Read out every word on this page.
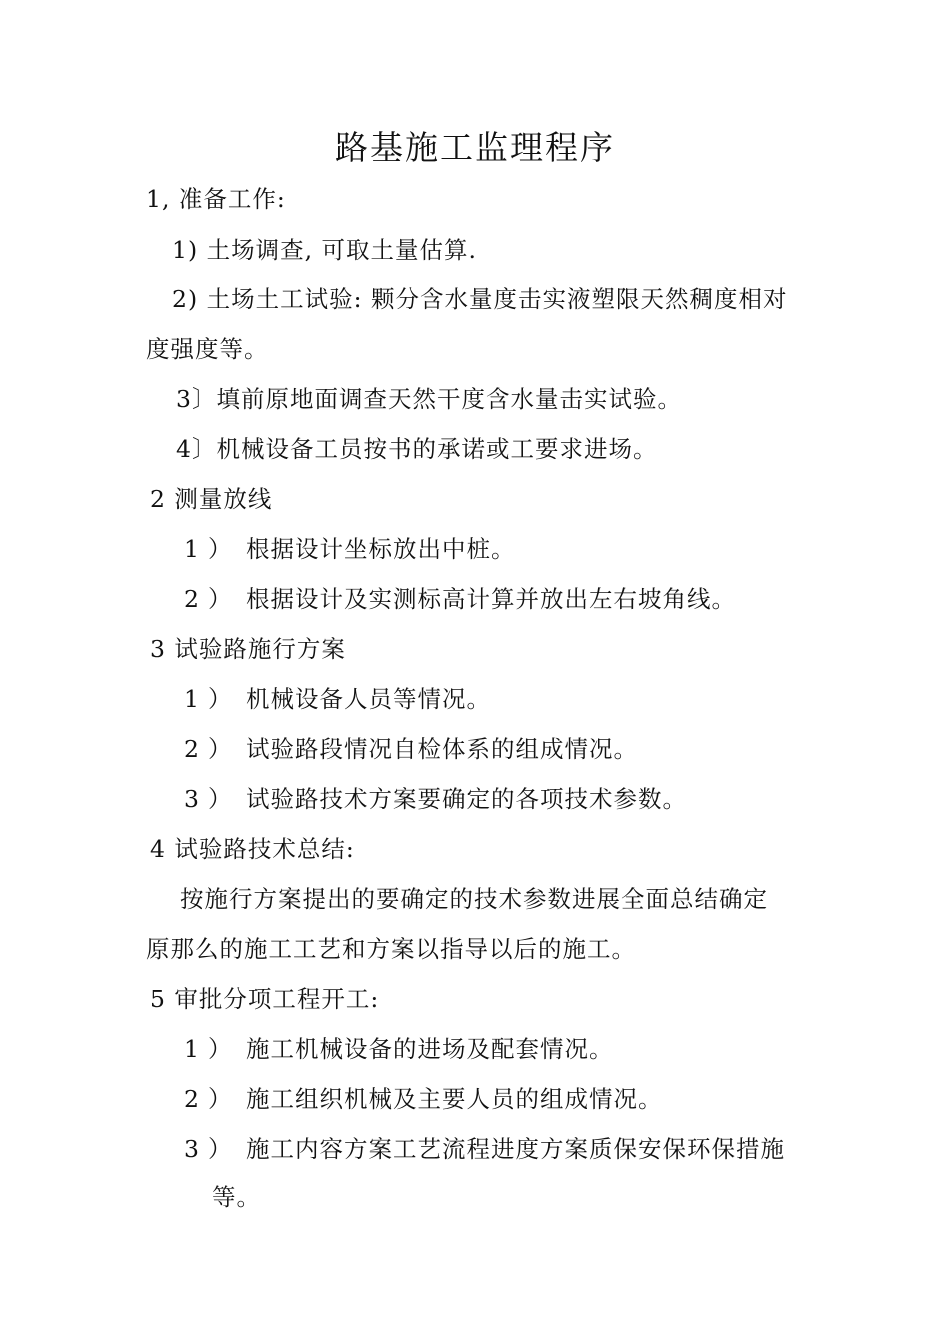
路基施工监理程序
1, 准备工作:
1) 土场调查, 可取土量估算.
2) 土场土工试验: 颗分含水量度击实液塑限天然稠度相对
度强度等。
3〕填前原地面调查天然干度含水量击实试验。
4〕机械设备工员按书的承诺或工要求进场。
2 测量放线
1） 根据设计坐标放出中桩。
2） 根据设计及实测标高计算并放出左右坡角线。
3 试验路施行方案
1） 机械设备人员等情况。
2） 试验路段情况自检体系的组成情况。
3） 试验路技术方案要确定的各项技术参数。
4 试验路技术总结:
按施行方案提出的要确定的技术参数进展全面总结确定
原那么的施工工艺和方案以指导以后的施工。
5 审批分项工程开工:
1） 施工机械设备的进场及配套情况。
2） 施工组织机械及主要人员的组成情况。
3） 施工内容方案工艺流程进度方案质保安保环保措施
等。
